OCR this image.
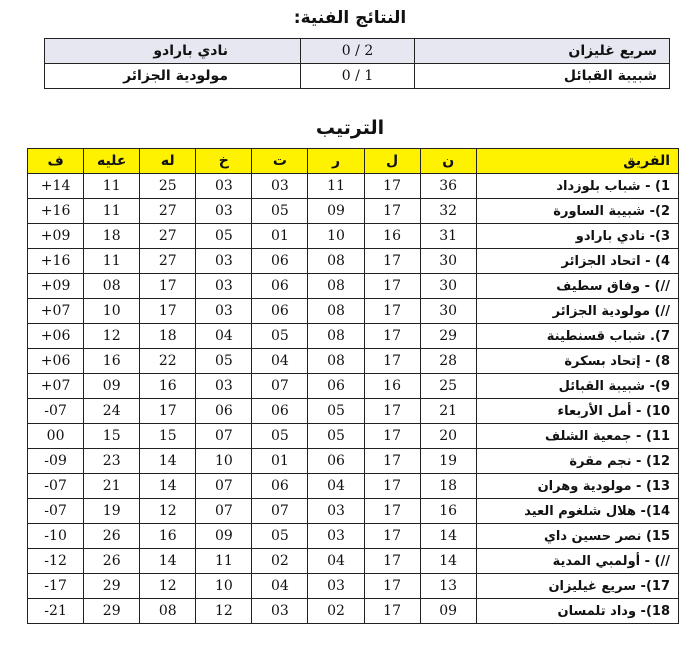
النتائج الفنية:
سريع غليزان	2 / 0	نادي بارادو
شبيبة القبائل	1 / 0	مولودية الجزائر
الترتيب
الفريق	ن	ل	ر	ت	خ	له	عليه	ف
1) - شباب بلوزداد	36	17	11	03	03	25	11	14+
2)- شبيبة الساورة	32	17	09	05	03	27	11	16+
3)- نادي بارادو	31	16	10	01	05	27	18	09+
4) - اتحاد الجزائر	30	17	08	06	03	27	11	16+
//) - وفاق سطيف	30	17	08	06	03	17	08	09+
//) مولودية الجزائر	30	17	08	06	03	17	10	07+
7). شباب قسنطينة	29	17	08	05	04	18	12	06+
8) - إتحاد بسكرة	28	17	08	04	05	22	16	06+
9)- شبيبة القبائل	25	16	06	07	03	16	09	07+
10) - أمل الأربعاء	21	17	05	06	06	17	24	07-
11) - جمعية الشلف	20	17	05	05	07	15	15	00
12) - نجم مقرة	19	17	06	01	10	14	23	09-
13) - مولودية وهران	18	17	04	06	07	14	21	07-
14)- هلال شلغوم العيد	16	17	03	07	07	12	19	07-
15) نصر حسين داي	14	17	03	05	09	16	26	10-
//) - أولمبي المدية	14	17	04	02	11	14	26	12-
17)- سريع غيليزان	13	17	03	04	10	12	29	17-
18)- وداد تلمسان	09	17	02	03	12	08	29	21-
